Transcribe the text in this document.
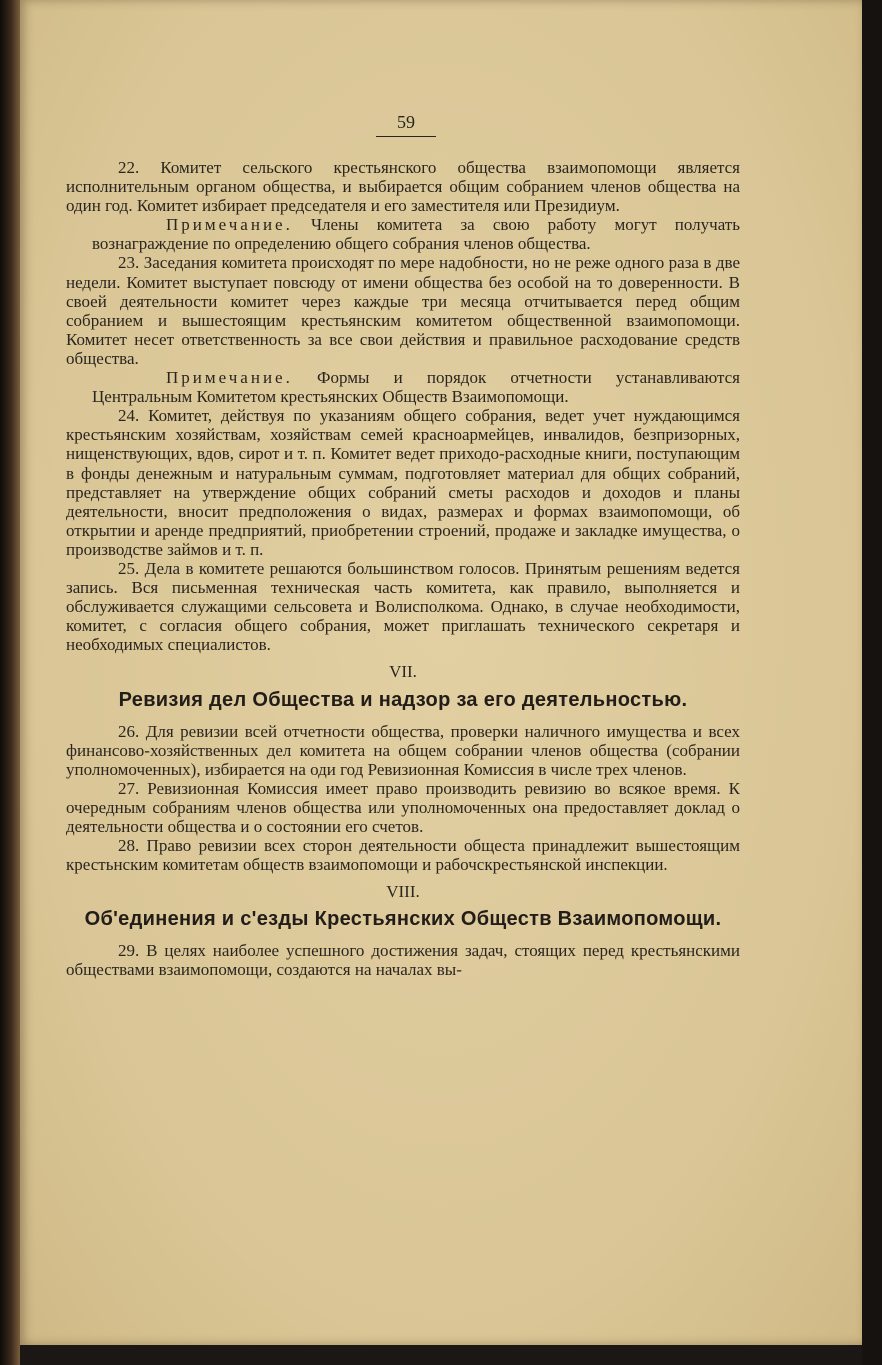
59

22. Комитет сельского крестьянского общества взаимопомощи является исполнительным органом общества, и выбирается общим собранием членов общества на один год. Комитет избирает председателя и его заместителя или Президиум.

Примечание. Члены комитета за свою работу могут получать вознаграждение по определению общего собрания членов общества.

23. Заседания комитета происходят по мере надобности, но не реже одного раза в две недели. Комитет выступает повсюду от имени общества без особой на то доверенности. В своей деятельности комитет через каждые три месяца отчитывается перед общим собранием и вышестоящим крестьянским комитетом общественной взаимопомощи. Комитет несет ответственность за все свои действия и правильное расходование средств общества.

Примечание. Формы и порядок отчетности устанавливаются Центральным Комитетом крестьянских Обществ Взаимопомощи.

24. Комитет, действуя по указаниям общего собрания, ведет учет нуждающимся крестьянским хозяйствам, хозяйствам семей красноармейцев, инвалидов, безпризорных, нищенствующих, вдов, сирот и т. п. Комитет ведет приходо-расходные книги, поступающим в фонды денежным и натуральным суммам, подготовляет материал для общих собраний, представляет на утверждение общих собраний сметы расходов и доходов и планы деятельности, вносит предположения о видах, размерах и формах взаимопомощи, об открытии и аренде предприятий, приобретении строений, продаже и закладке имущества, о производстве займов и т. п.

25. Дела в комитете решаются большинством голосов. Принятым решениям ведется запись. Вся письменная техническая часть комитета, как правило, выполняется и обслуживается служащими сельсовета и Волисполкома. Однако, в случае необходимости, комитет, с согласия общего собрания, может приглашать технического секретаря и необходимых специалистов.

VII.
Ревизия дел Общества и надзор за его деятельностью.

26. Для ревизии всей отчетности общества, проверки наличного имущества и всех финансово-хозяйственных дел комитета на общем собрании членов общества (собрании уполномоченных), избирается на оди год Ревизионная Комиссия в числе трех членов.

27. Ревизионная Комиссия имеет право производить ревизию во всякое время. К очередным собраниям членов общества или уполномоченных она предоставляет доклад о деятельности общества и о состоянии его счетов.

28. Право ревизии всех сторон деятельности общеста принадлежит вышестоящим крестьнским комитетам обществ взаимопомощи и рабочскрестьянской инспекции.

VIII.
Об'единения и с'езды Крестьянских Обществ Взаимопомощи.

29. В целях наиболее успешного достижения задач, стоящих перед крестьянскими обществами взаимопомощи, создаются на началах вы-
